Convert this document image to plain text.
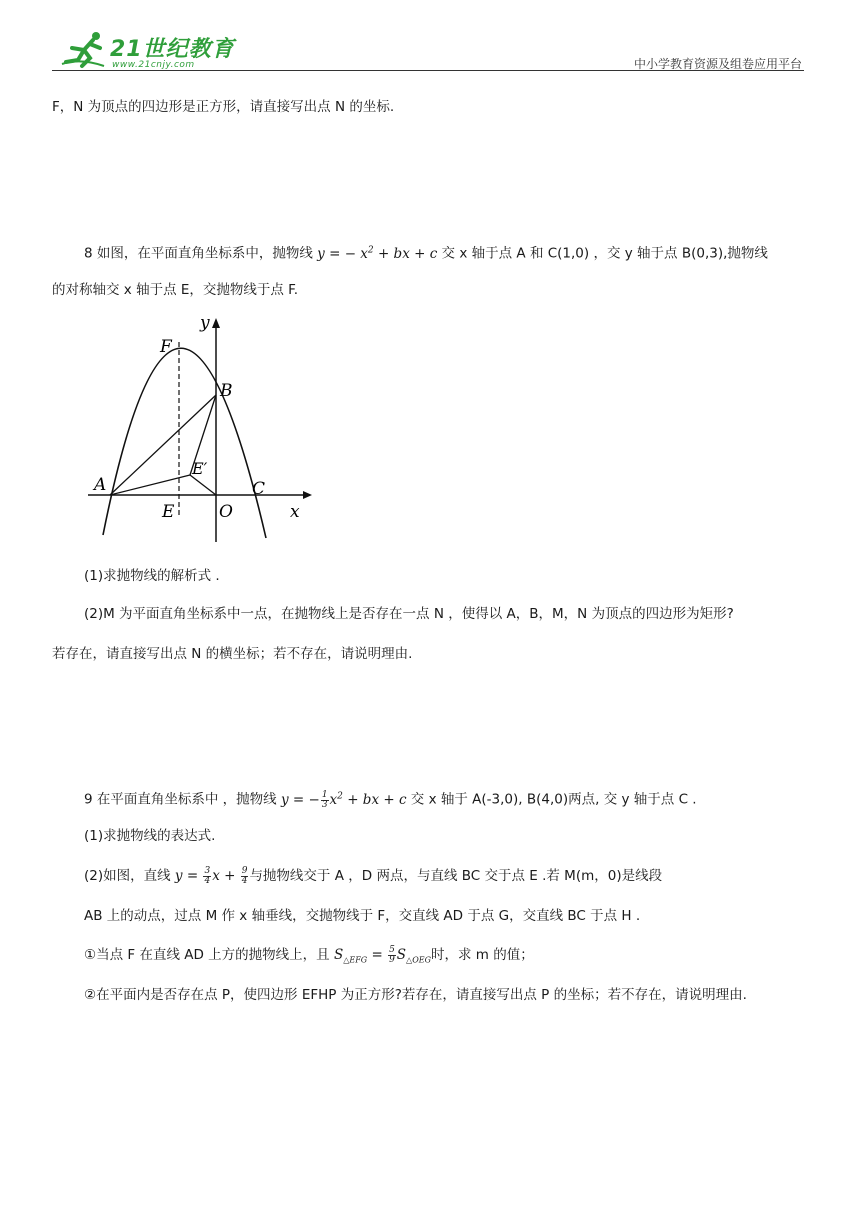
21世纪教育
www.21cnjy.com	中小学教育资源及组卷应用平台
F，N 为顶点的四边形是正方形，请直接写出点 N 的坐标.
8 如图，在平面直角坐标系中，抛物线 y = − $x^2$ + bx + c 交 x 轴于点 A 和 C(1,0) ，交 y 轴于点 B(0,3),抛物线
的对称轴交 x 轴于点 E，交抛物线于点 F.
y
F
B
E′
A	C
E	O	x
(1)求抛物线的解析式 .
(2)M 为平面直角坐标系中一点，在抛物线上是否存在一点 N ，使得以 A，B，M，N 为顶点的四边形为矩形?
若存在，请直接写出点 N 的横坐标；若不存在，请说明理由.
9 在平面直角坐标系中 ，抛物线 y = − $\frac{1}{3} x^2$ + bx + c 交 x 轴于 A(-3,0), B(4,0)两点, 交 y 轴于点 C .
(1)求抛物线的表达式.
(2)如图，直线 $y = \frac{3}{4}$ $x + \frac{9}{4}$ 与抛物线交于 A ，D 两点，与直线 BC 交于点 E .若 M(m，0)是线段
AB 上的动点，过点 M 作 x 轴垂线，交抛物线于 F，交直线 AD 于点 G，交直线 BC 于点 H .
①当点 F 在直线 AD 上方的抛物线上，且 $S_{\triangle EFG} = \frac{5}{9} S_{\triangle OEG}$时，求 m 的值；
②在平面内是否存在点 P，使四边形 EFHP 为正方形?若存在，请直接写出点 P 的坐标；若不存在，请说明理由.
